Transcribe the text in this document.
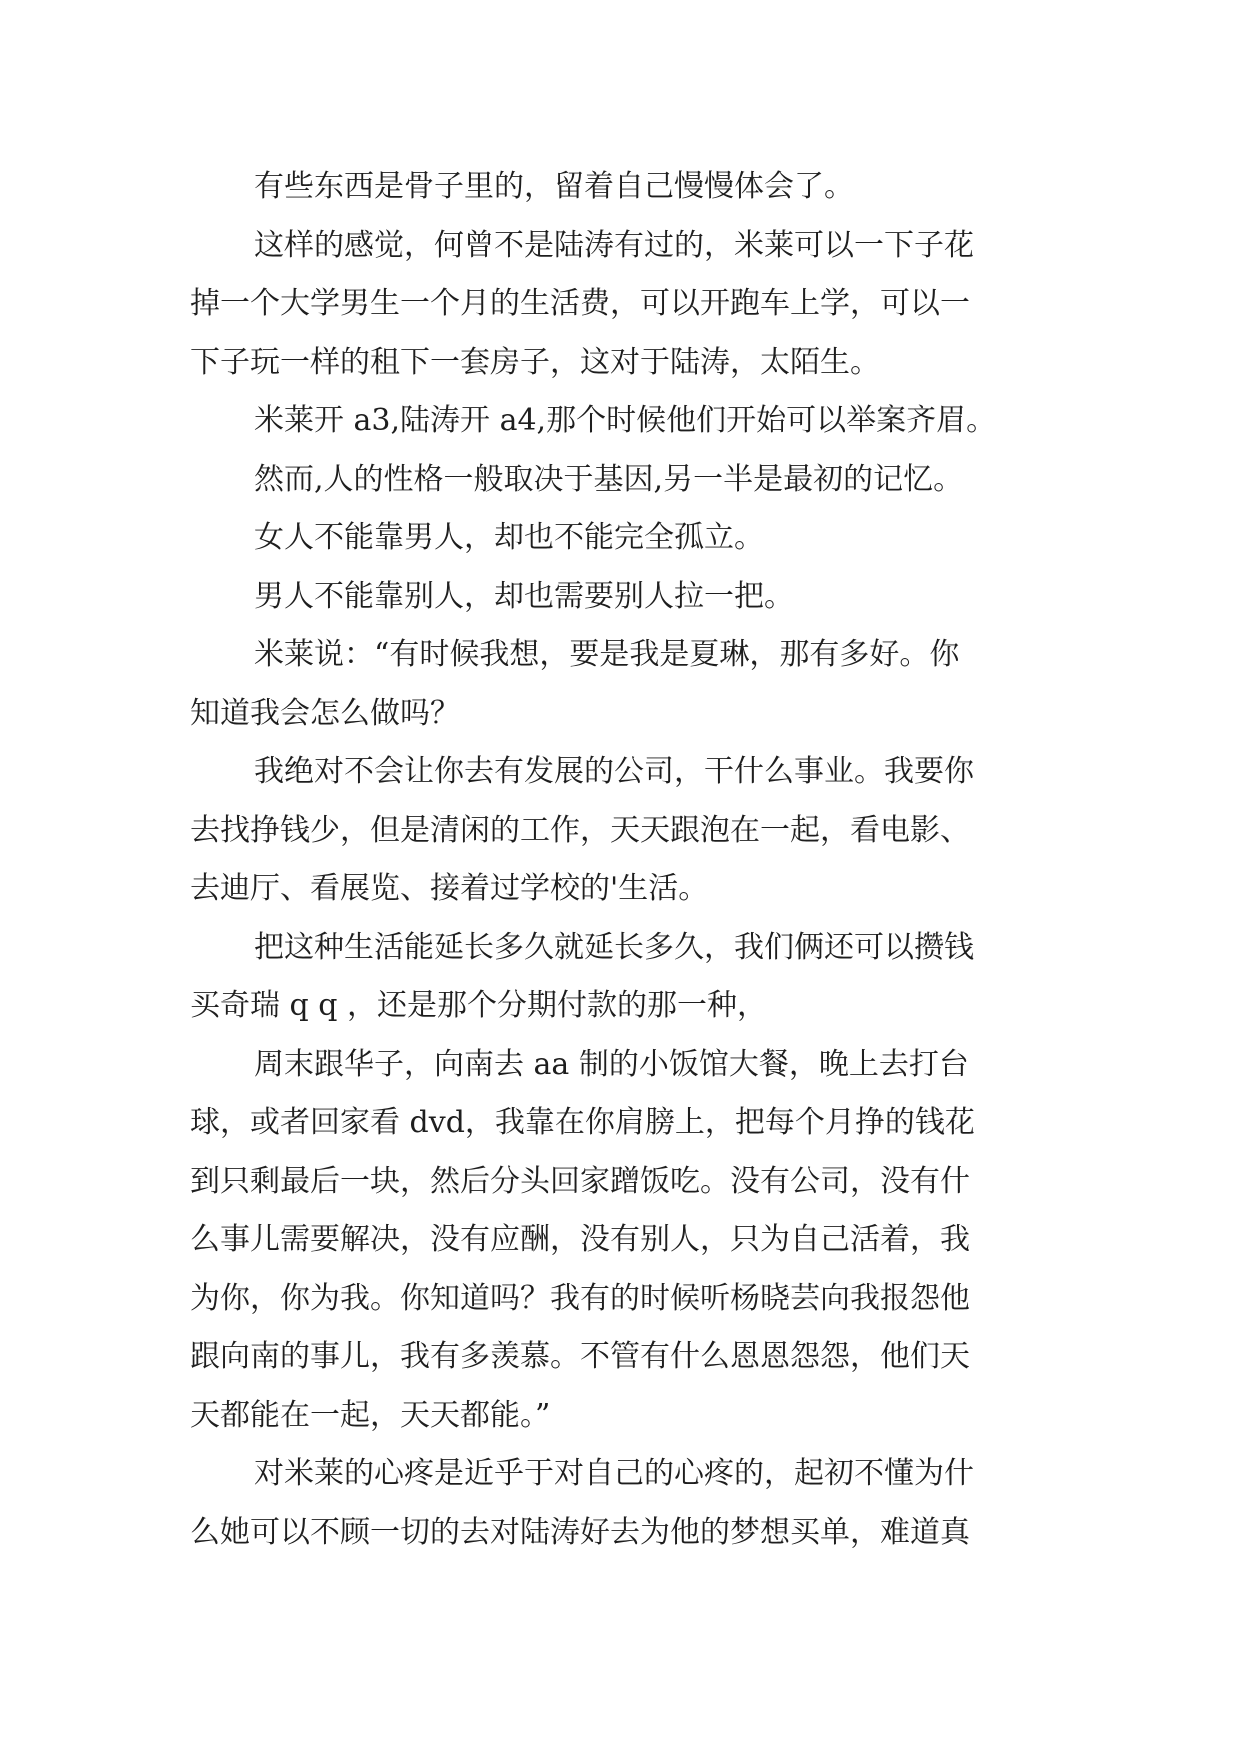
有些东西是骨子里的，留着自己慢慢体会了。
这样的感觉，何曾不是陆涛有过的，米莱可以一下子花
掉一个大学男生一个月的生活费，可以开跑车上学，可以一
下子玩一样的租下一套房子，这对于陆涛，太陌生。
米莱开 a3,陆涛开 a4,那个时候他们开始可以举案齐眉。
然而,人的性格一般取决于基因,另一半是最初的记忆。
女人不能靠男人，却也不能完全孤立。
男人不能靠别人，却也需要别人拉一把。
米莱说：“有时候我想，要是我是夏琳，那有多好。你
知道我会怎么做吗？
我绝对不会让你去有发展的公司，干什么事业。我要你
去找挣钱少，但是清闲的工作，天天跟泡在一起，看电影、
去迪厅、看展览、接着过学校的'生活。
把这种生活能延长多久就延长多久，我们俩还可以攒钱
买奇瑞 q q ，还是那个分期付款的那一种，
周末跟华子，向南去 aa 制的小饭馆大餐，晚上去打台
球，或者回家看 dvd，我靠在你肩膀上，把每个月挣的钱花
到只剩最后一块，然后分头回家蹭饭吃。没有公司，没有什
么事儿需要解决，没有应酬，没有别人，只为自己活着，我
为你，你为我。你知道吗？我有的时候听杨晓芸向我报怨他
跟向南的事儿，我有多羡慕。不管有什么恩恩怨怨，他们天
天都能在一起，天天都能。”
对米莱的心疼是近乎于对自己的心疼的，起初不懂为什
么她可以不顾一切的去对陆涛好去为他的梦想买单，难道真
